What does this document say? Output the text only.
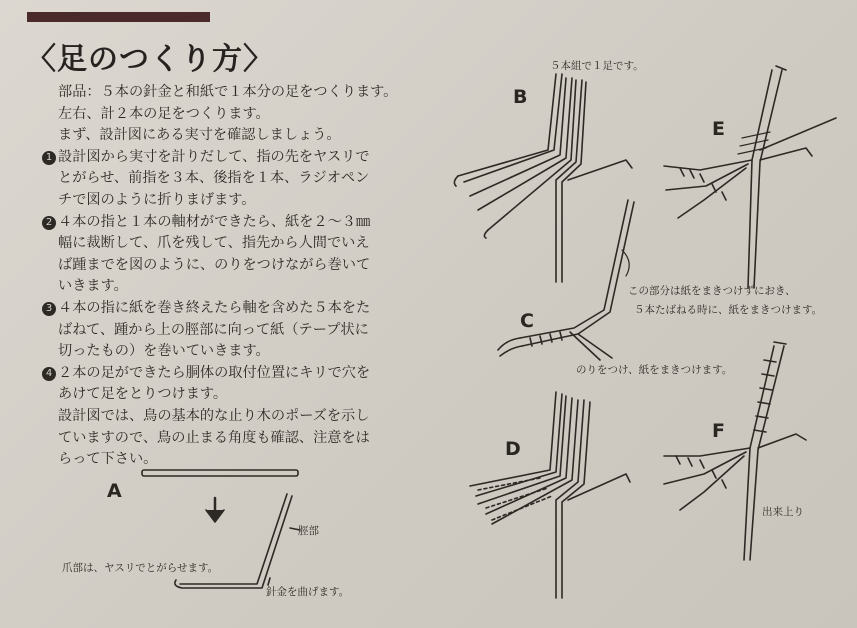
〈足のつくり方〉

部品：５本の針金と和紙で１本分の足をつくります。

左右、計２本の足をつくります。

まず、設計図にある実寸を確認しましょう。

1 設計図から実寸を計りだして、指の先をヤスリで

とがらせ、前指を３本、後指を１本、ラジオペン

チで図のように折りまげます。

2 ４本の指と１本の軸材ができたら、紙を２〜３㎜

幅に裁断して、爪を残して、指先から人間でいえ

ば踵までを図のように、のりをつけながら巻いて

いきます。

3 ４本の指に紙を巻き終えたら軸を含めた５本をた

ばねて、踵から上の脛部に向って紙（テープ状に

切ったもの）を巻いていきます。

4 ２本の足ができたら胴体の取付位置にキリで穴を

あけて足をとりつけます。

設計図では、鳥の基本的な止り木のポーズを示し

ていますので、鳥の止まる角度も確認、注意をは

らって下さい。

A
B
C
D
E
F
脛部
爪部は、ヤスリでとがらせます。
針金を曲げます。
５本組で１足です。
のりをつけ、紙をまきつけます。
この部分は紙をまきつけずにおき、
５本たばねる時に、紙をまきつけます。
出来上り
